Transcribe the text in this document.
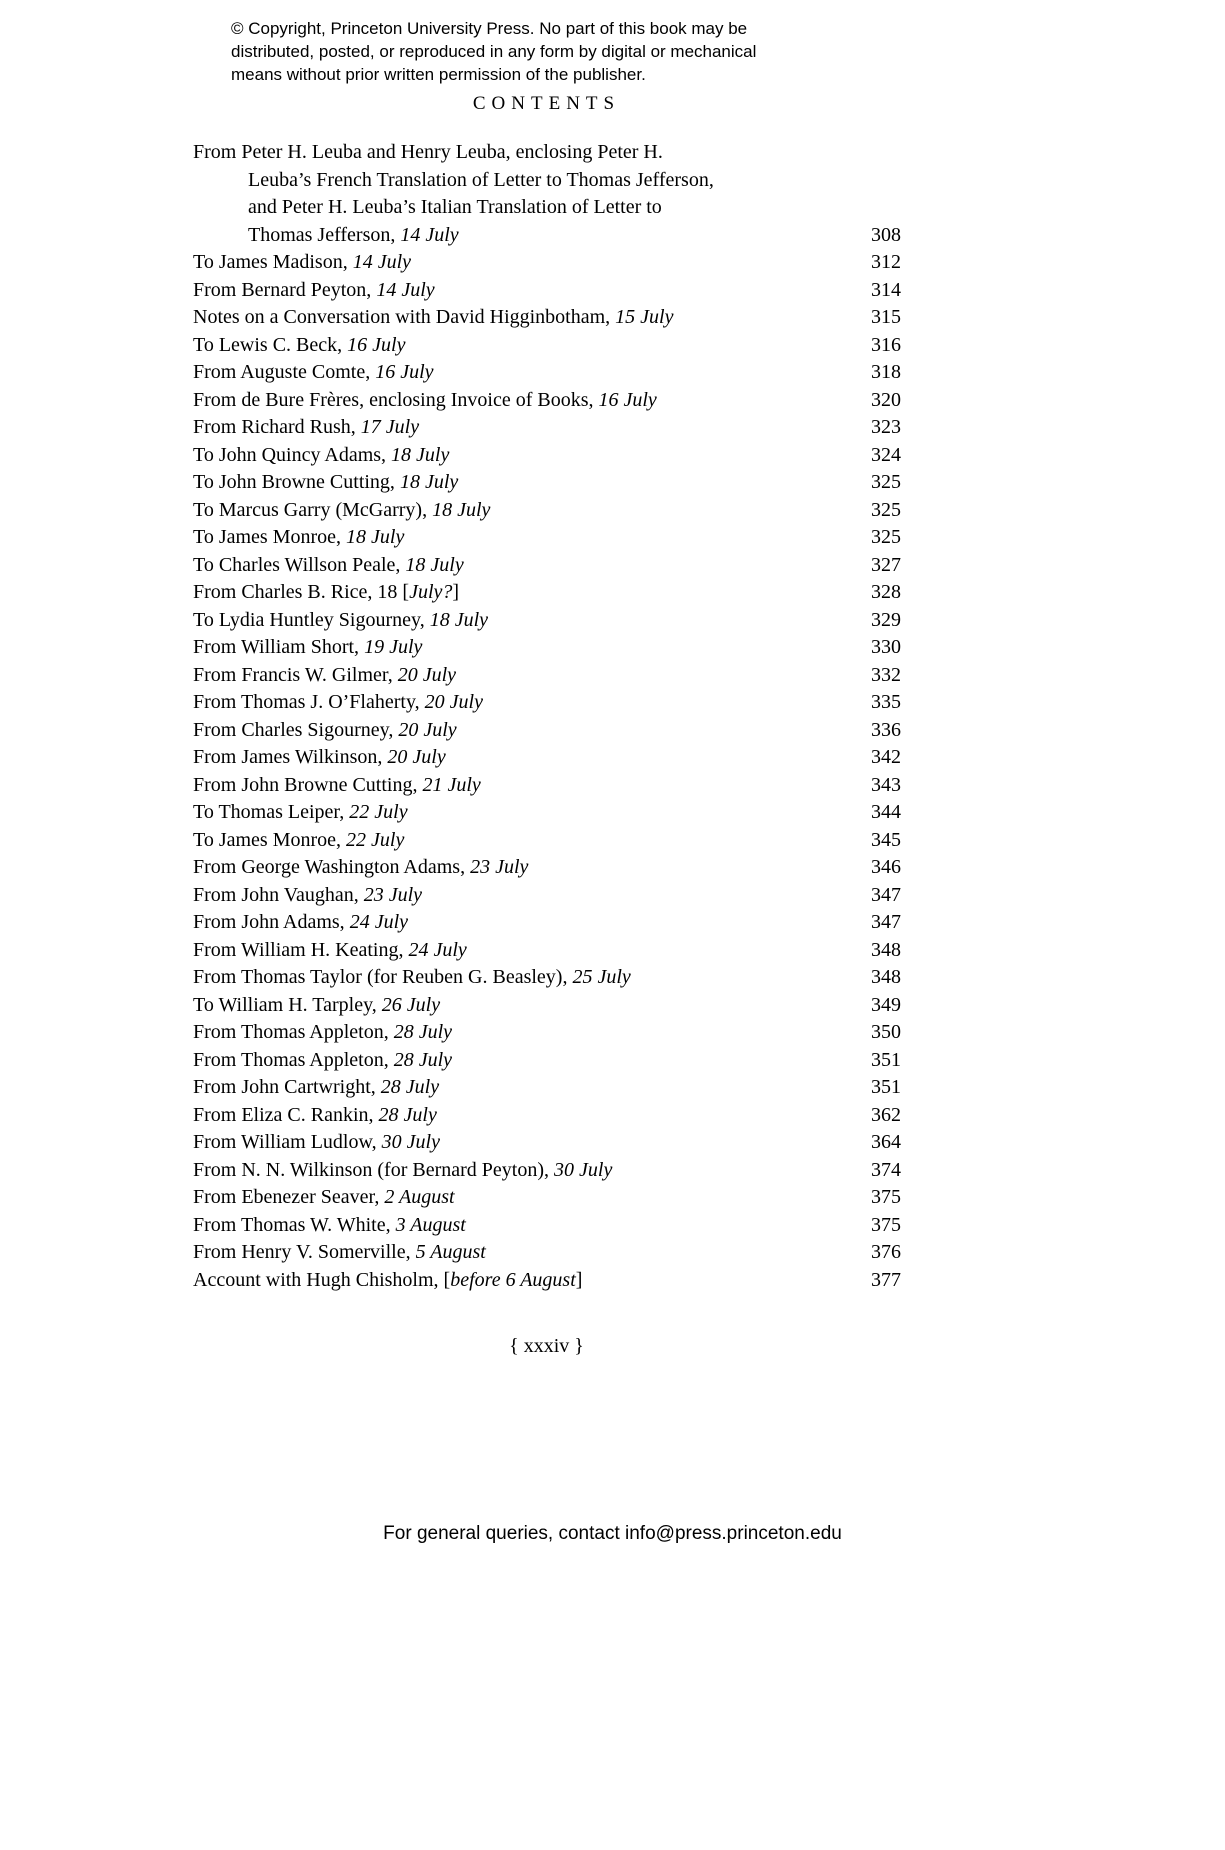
© Copyright, Princeton University Press. No part of this book may be
distributed, posted, or reproduced in any form by digital or mechanical
means without prior written permission of the publisher.
CONTENTS
From Peter H. Leuba and Henry Leuba, enclosing Peter H.
Leuba’s French Translation of Letter to Thomas Jefferson,
and Peter H. Leuba’s Italian Translation of Letter to
Thomas Jefferson, 14 July	308
To James Madison, 14 July	312
From Bernard Peyton, 14 July	314
Notes on a Conversation with David Higginbotham, 15 July	315
To Lewis C. Beck, 16 July	316
From Auguste Comte, 16 July	318
From de Bure Frères, enclosing Invoice of Books, 16 July	320
From Richard Rush, 17 July	323
To John Quincy Adams, 18 July	324
To John Browne Cutting, 18 July	325
To Marcus Garry (McGarry), 18 July	325
To James Monroe, 18 July	325
To Charles Willson Peale, 18 July	327
From Charles B. Rice, 18 [July?]	328
To Lydia Huntley Sigourney, 18 July	329
From William Short, 19 July	330
From Francis W. Gilmer, 20 July	332
From Thomas J. O’Flaherty, 20 July	335
From Charles Sigourney, 20 July	336
From James Wilkinson, 20 July	342
From John Browne Cutting, 21 July	343
To Thomas Leiper, 22 July	344
To James Monroe, 22 July	345
From George Washington Adams, 23 July	346
From John Vaughan, 23 July	347
From John Adams, 24 July	347
From William H. Keating, 24 July	348
From Thomas Taylor (for Reuben G. Beasley), 25 July	348
To William H. Tarpley, 26 July	349
From Thomas Appleton, 28 July	350
From Thomas Appleton, 28 July	351
From John Cartwright, 28 July	351
From Eliza C. Rankin, 28 July	362
From William Ludlow, 30 July	364
From N. N. Wilkinson (for Bernard Peyton), 30 July	374
From Ebenezer Seaver, 2 August	375
From Thomas W. White, 3 August	375
From Henry V. Somerville, 5 August	376
Account with Hugh Chisholm, [before 6 August]	377
{ xxxiv }
For general queries, contact info@press.princeton.edu
